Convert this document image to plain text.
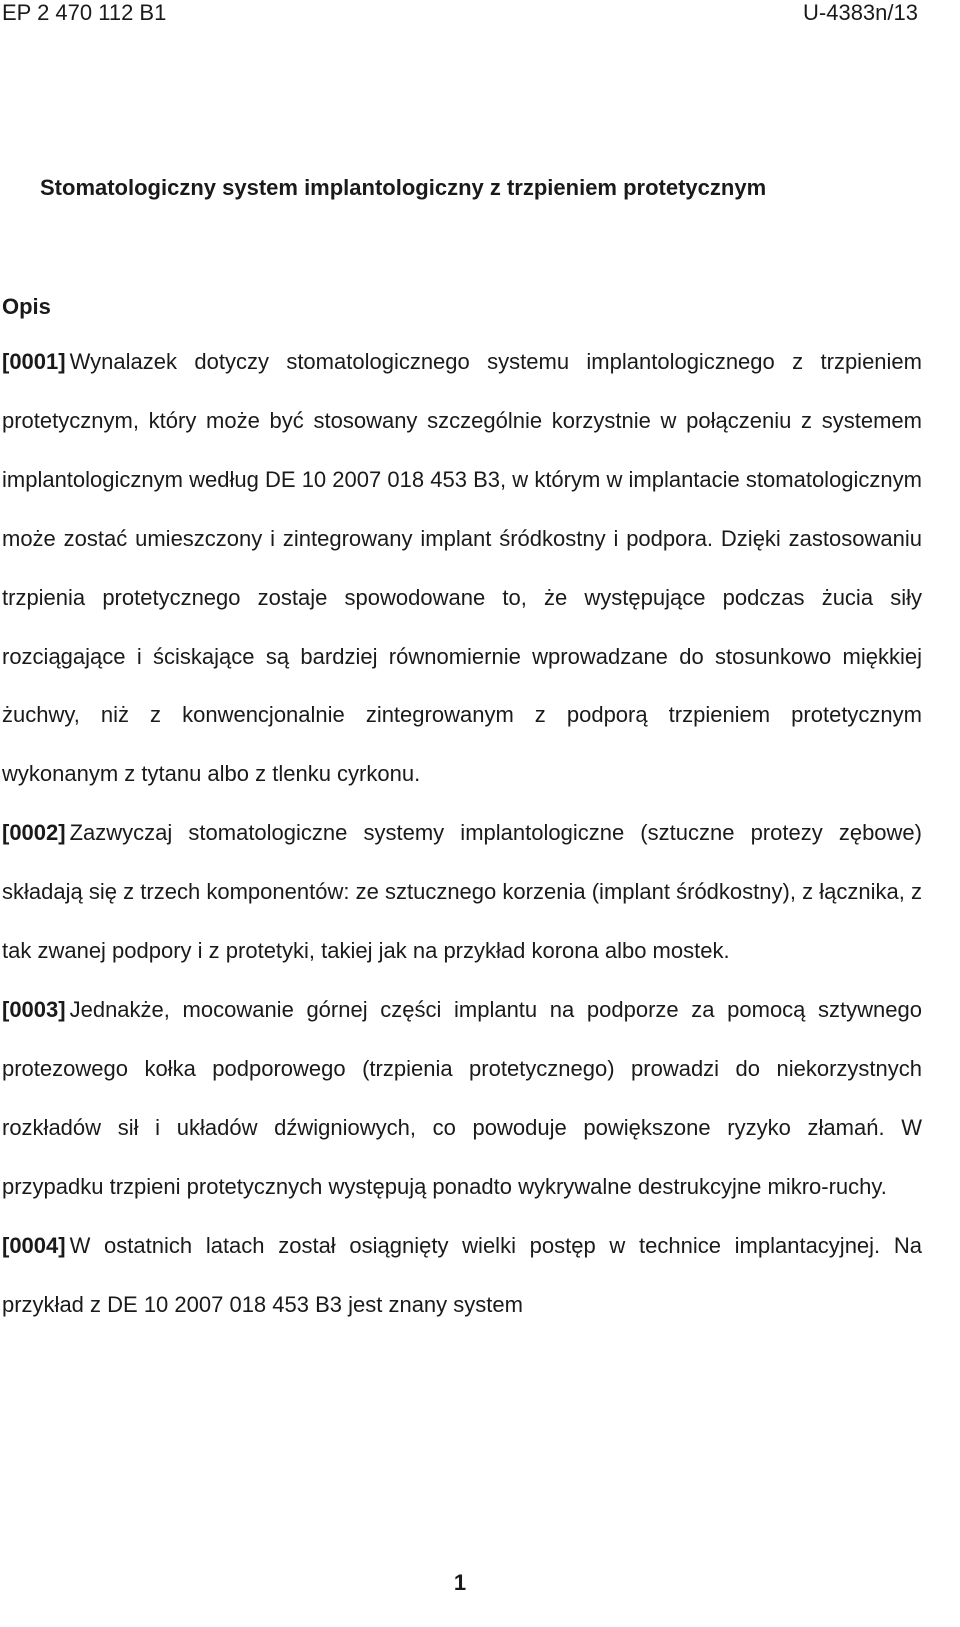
EP 2 470 112 B1	U-4383n/13
Stomatologiczny system implantologiczny z trzpieniem protetycznym
Opis

[0001] Wynalazek dotyczy stomatologicznego systemu implantologicznego z trzpieniem protetycznym, który może być stosowany szczególnie korzystnie w połączeniu z systemem implantologicznym według DE 10 2007 018 453 B3, w którym w implantacie stomatologicznym może zostać umieszczony i zintegrowany implant śródkostny i podpora. Dzięki zastosowaniu trzpienia protetycznego zostaje spowodowane to, że występujące podczas żucia siły rozciągające i ściskające są bardziej równomiernie wprowadzane do stosunkowo miękkiej żuchwy, niż z konwencjonalnie zintegrowanym z podporą trzpieniem protetycznym wykonanym z tytanu albo z tlenku cyrkonu.

[0002] Zazwyczaj stomatologiczne systemy implantologiczne (sztuczne protezy zębowe) składają się z trzech komponentów: ze sztucznego korzenia (implant śródkostny), z łącznika, z tak zwanej podpory i z protetyki, takiej jak na przykład korona albo mostek.

[0003] Jednakże, mocowanie górnej części implantu na podporze za pomocą sztywnego protezowego kołka podporowego (trzpienia protetycznego) prowadzi do niekorzystnych rozkładów sił i układów dźwigniowych, co powoduje powiększone ryzyko złamań. W przypadku trzpieni protetycznych występują ponadto wykrywalne destrukcyjne mikro-ruchy.

[0004] W ostatnich latach został osiągnięty wielki postęp w technice implantacyjnej. Na przykład z DE 10 2007 018 453 B3 jest znany system

1
